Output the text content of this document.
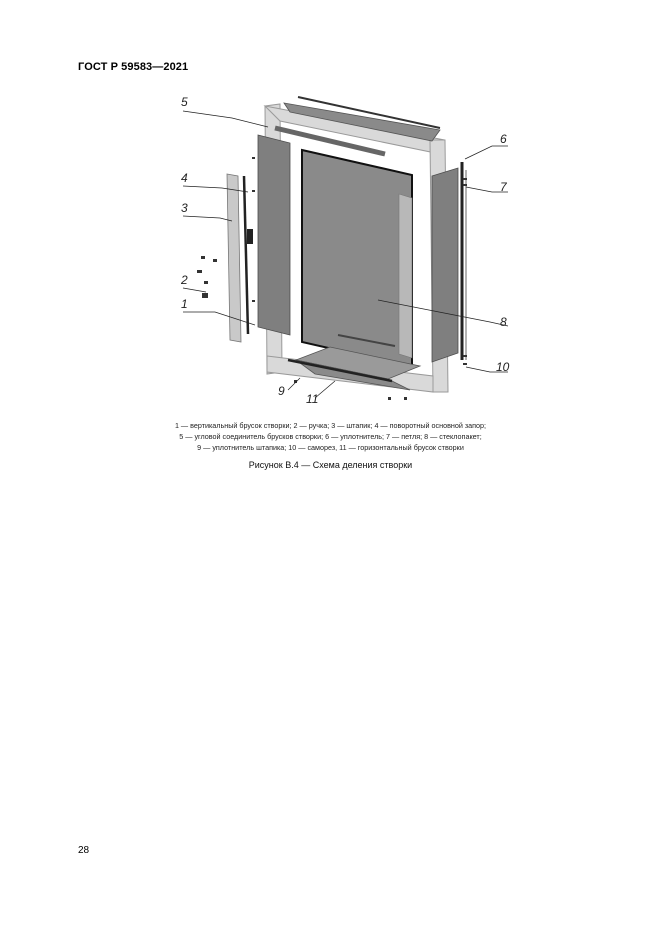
ГОСТ Р 59583—2021
5
4
3
2
1
6
7
8
10
9
11
1 — вертикальный брусок створки; 2 — ручка; 3 — штапик; 4 — поворотный основной запор;
5 — угловой соединитель брусков створки; 6 — уплотнитель; 7 — петля; 8 — стеклопакет;
9 — уплотнитель штапика; 10 — саморез, 11 — горизонтальный брусок створки
Рисунок В.4 — Схема деления створки
28
